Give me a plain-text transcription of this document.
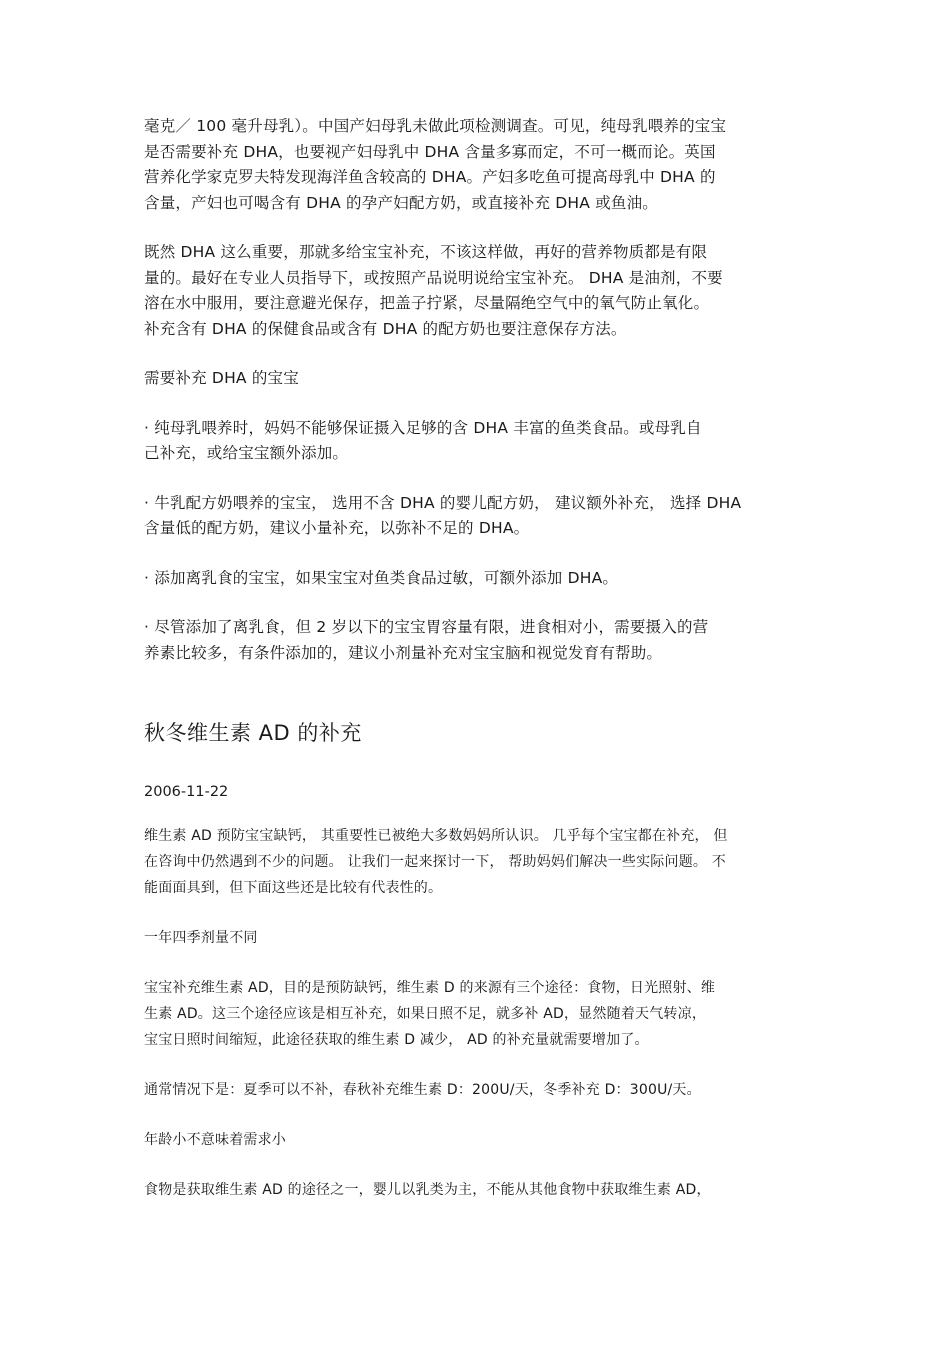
毫克／ 100 毫升母乳）。中国产妇母乳未做此项检测调查。可见，纯母乳喂养的宝宝
是否需要补充 DHA，也要视产妇母乳中 DHA 含量多寡而定，不可一概而论。英国
营养化学家克罗夫特发现海洋鱼含较高的 DHA。产妇多吃鱼可提高母乳中 DHA 的
含量，产妇也可喝含有 DHA 的孕产妇配方奶，或直接补充 DHA 或鱼油。

既然 DHA 这么重要，那就多给宝宝补充，不该这样做，再好的营养物质都是有限
量的。最好在专业人员指导下，或按照产品说明说给宝宝补充。 DHA 是油剂，不要
溶在水中服用，要注意避光保存，把盖子拧紧，尽量隔绝空气中的氧气防止氧化。
补充含有 DHA 的保健食品或含有 DHA 的配方奶也要注意保存方法。

需要补充 DHA 的宝宝

· 纯母乳喂养时，妈妈不能够保证摄入足够的含 DHA 丰富的鱼类食品。或母乳自
己补充，或给宝宝额外添加。

· 牛乳配方奶喂养的宝宝， 选用不含 DHA 的婴儿配方奶， 建议额外补充， 选择 DHA
含量低的配方奶，建议小量补充，以弥补不足的 DHA。

· 添加离乳食的宝宝，如果宝宝对鱼类食品过敏，可额外添加 DHA。

· 尽管添加了离乳食，但 2 岁以下的宝宝胃容量有限，进食相对小，需要摄入的营
养素比较多，有条件添加的，建议小剂量补充对宝宝脑和视觉发育有帮助。

秋冬维生素 AD 的补充

2006-11-22

维生素 AD 预防宝宝缺钙， 其重要性已被绝大多数妈妈所认识。 几乎每个宝宝都在补充， 但
在咨询中仍然遇到不少的问题。 让我们一起来探讨一下， 帮助妈妈们解决一些实际问题。 不
能面面具到，但下面这些还是比较有代表性的。

一年四季剂量不同

宝宝补充维生素 AD，目的是预防缺钙，维生素 D 的来源有三个途径：食物，日光照射、维
生素 AD。这三个途径应该是相互补充，如果日照不足，就多补 AD，显然随着天气转凉，
宝宝日照时间缩短，此途径获取的维生素 D 减少， AD 的补充量就需要增加了。

通常情况下是：夏季可以不补，春秋补充维生素 D：200U/天，冬季补充 D：300U/天。

年龄小不意味着需求小

食物是获取维生素 AD 的途径之一，婴儿以乳类为主，不能从其他食物中获取维生素 AD，
